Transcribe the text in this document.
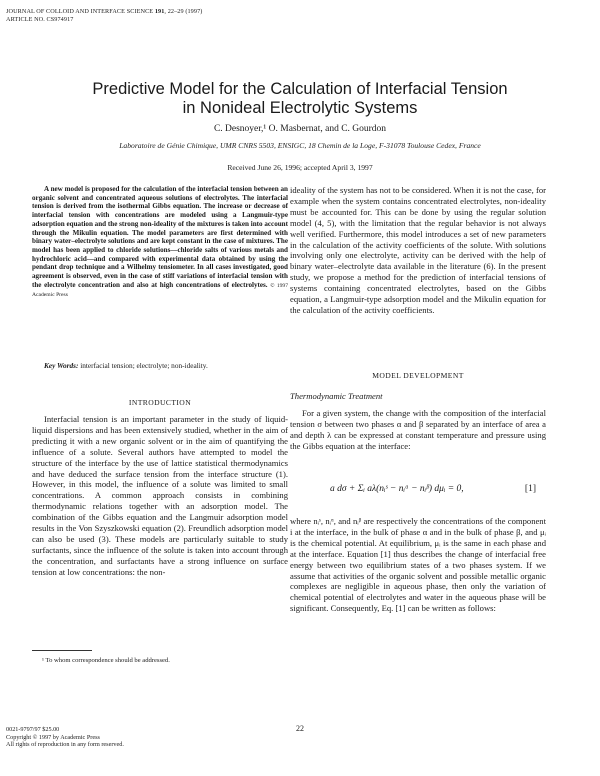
JOURNAL OF COLLOID AND INTERFACE SCIENCE 191, 22–29 (1997)
ARTICLE NO. CS974917
Predictive Model for the Calculation of Interfacial Tension
in Nonideal Electrolytic Systems
C. Desnoyer,¹ O. Masbernat, and C. Gourdon
Laboratoire de Génie Chimique, UMR CNRS 5503, ENSIGC, 18 Chemin de la Loge, F-31078 Toulouse Cedex, France
Received June 26, 1996; accepted April 3, 1997
A new model is proposed for the calculation of the interfacial tension between an organic solvent and concentrated aqueous solutions of electrolytes. The interfacial tension is derived from the isothermal Gibbs equation. The increase or decrease of interfacial tension with concentrations are modeled using a Langmuir-type adsorption equation and the strong non-ideality of the mixtures is taken into account through the Mikulin equation. The model parameters are first determined with binary water–electrolyte solutions and are kept constant in the case of mixtures. The model has been applied to chloride solutions—chloride salts of various metals and hydrochloric acid—and compared with experimental data obtained by using the pendant drop technique and a Wilhelmy tensiometer. In all cases investigated, good agreement is observed, even in the case of stiff variations of interfacial tension with the electrolyte concentration and also at high concentrations of electrolytes. © 1997 Academic Press
Key Words: interfacial tension; electrolyte; non-ideality.
INTRODUCTION
Interfacial tension is an important parameter in the study of liquid-liquid dispersions and has been extensively studied, whether in the aim of predicting it with a new organic solvent or in the aim of quantifying the influence of a solute. Several authors have attempted to model the structure of the interface by the use of lattice statistical thermodynamics and have deduced the surface tension from the interface structure (1). However, in this model, the influence of a solute was limited to small concentrations. A common approach consists in combining thermodynamic relations together with an adsorption model. The combination of the Gibbs equation and the Langmuir adsorption model results in the Von Szyszkowski equation (2). Freundlich adsorption model can also be used (3). These models are particularly suitable to study surfactants, since the influence of the solute is taken into account through the concentration, and surfactants have a strong influence on surface tension at low concentrations: the non-
¹ To whom correspondence should be addressed.
ideality of the system has not to be considered. When it is not the case, for example when the system contains concentrated electrolytes, non-ideality must be accounted for. This can be done by using the regular solution model (4, 5), with the limitation that the regular behavior is not always well verified. Furthermore, this model introduces a set of new parameters in the calculation of the activity coefficients of the solute. With solutions involving only one electrolyte, activity can be derived with the help of binary water–electrolyte data available in the literature (6). In the present study, we propose a method for the prediction of interfacial tensions of systems containing concentrated electrolytes, based on the Gibbs equation, a Langmuir-type adsorption model and the Mikulin equation for the calculation of the activity coefficients.
MODEL DEVELOPMENT
Thermodynamic Treatment
For a given system, the change with the composition of the interfacial tension σ between two phases α and β separated by an interface of area a and depth λ can be expressed at constant temperature and pressure using the Gibbs equation at the interface:
a dσ + Σᵢ aλ(nᵢˢ − nᵢᵅ − nᵢᵝ) dμᵢ = 0,	[1]
where nᵢˢ, nᵢᵅ, and nᵢᵝ are respectively the concentrations of the component i at the interface, in the bulk of phase α and in the bulk of phase β, and μᵢ is the chemical potential. At equilibrium, μᵢ is the same in each phase and at the interface. Equation [1] thus describes the change of interfacial free energy between two equilibrium states of a two phases system. If we assume that activities of the organic solvent and possible metallic organic complexes are negligible in aqueous phase, then only the variation of chemical potential of electrolytes and water in the aqueous phase will be significant. Consequently, Eq. [1] can be written as follows:
22
0021-9797/97 $25.00
Copyright © 1997 by Academic Press
All rights of reproduction in any form reserved.
